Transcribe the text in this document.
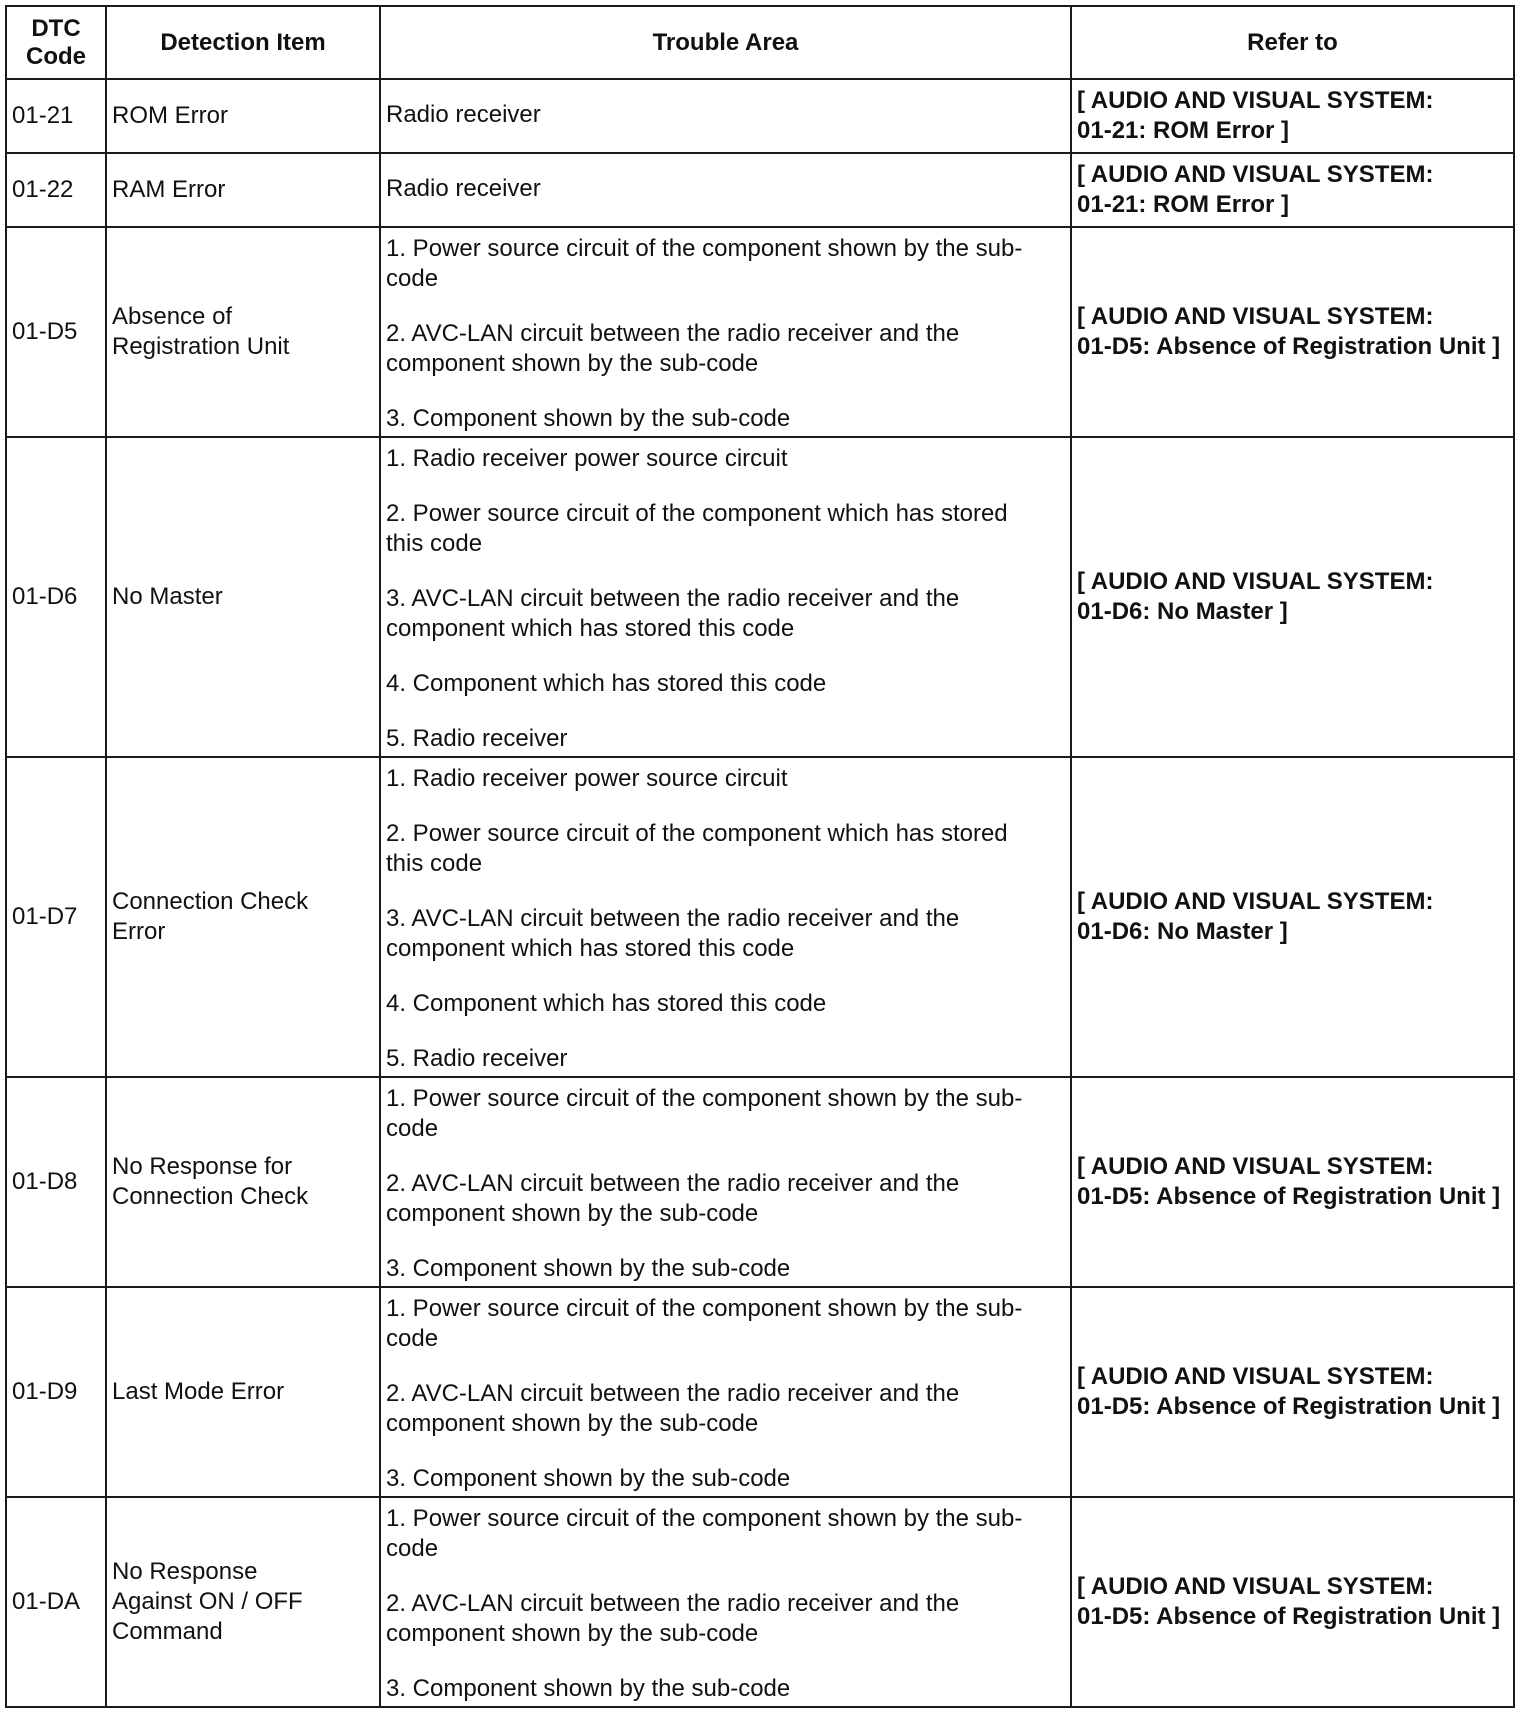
DTC Code	Detection Item	Trouble Area	Refer to
01-21	ROM Error	Radio receiver	[ AUDIO AND VISUAL SYSTEM:
01-21: ROM Error ]

01-22	RAM Error	Radio receiver	[ AUDIO AND VISUAL SYSTEM:
01-21: ROM Error ]

01-D5	Absence of Registration Unit	1. Power source circuit of the component shown by the sub-code
2. AVC-LAN circuit between the radio receiver and the component shown by the sub-code
3. Component shown by the sub-code	[ AUDIO AND VISUAL SYSTEM:
01-D5: Absence of Registration Unit ]

01-D6	No Master	1. Radio receiver power source circuit
2. Power source circuit of the component which has stored this code
3. AVC-LAN circuit between the radio receiver and the component which has stored this code
4. Component which has stored this code
5. Radio receiver	[ AUDIO AND VISUAL SYSTEM:
01-D6: No Master ]

01-D7	Connection Check Error	1. Radio receiver power source circuit
2. Power source circuit of the component which has stored this code
3. AVC-LAN circuit between the radio receiver and the component which has stored this code
4. Component which has stored this code
5. Radio receiver	[ AUDIO AND VISUAL SYSTEM:
01-D6: No Master ]

01-D8	No Response for Connection Check	1. Power source circuit of the component shown by the sub-code
2. AVC-LAN circuit between the radio receiver and the component shown by the sub-code
3. Component shown by the sub-code	[ AUDIO AND VISUAL SYSTEM:
01-D5: Absence of Registration Unit ]

01-D9	Last Mode Error	1. Power source circuit of the component shown by the sub-code
2. AVC-LAN circuit between the radio receiver and the component shown by the sub-code
3. Component shown by the sub-code	[ AUDIO AND VISUAL SYSTEM:
01-D5: Absence of Registration Unit ]

01-DA	No Response Against ON / OFF Command	1. Power source circuit of the component shown by the sub-code
2. AVC-LAN circuit between the radio receiver and the component shown by the sub-code
3. Component shown by the sub-code	[ AUDIO AND VISUAL SYSTEM:
01-D5: Absence of Registration Unit ]
